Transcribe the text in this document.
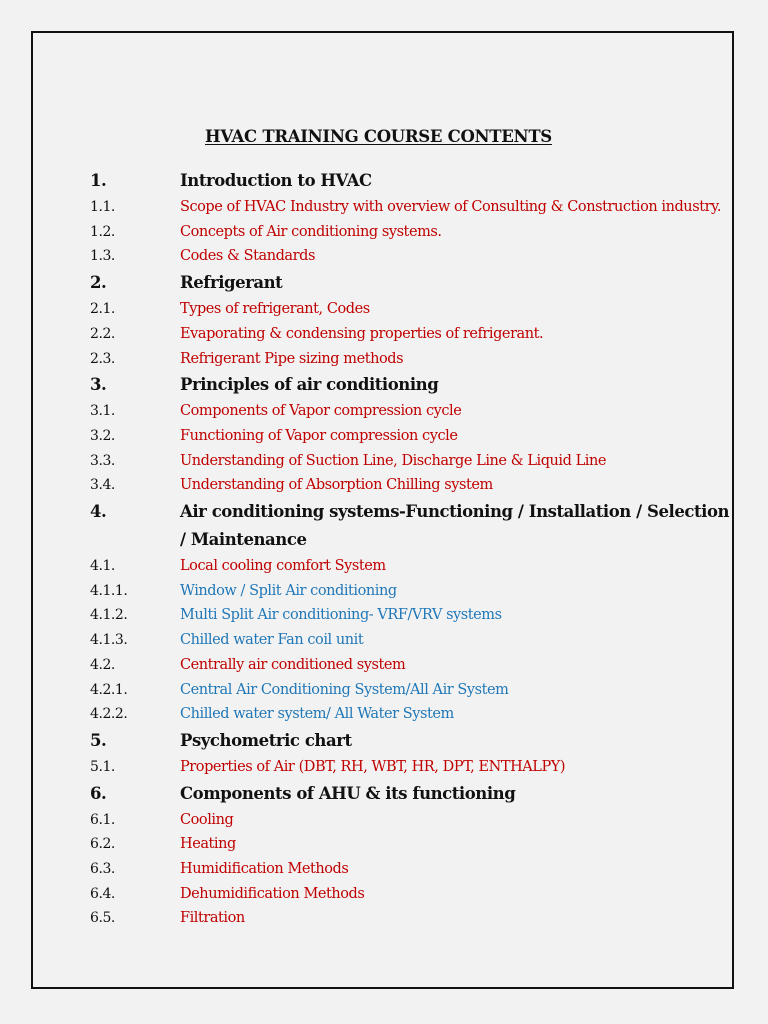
HVAC TRAINING COURSE CONTENTS
1.	Introduction to HVAC
1.1.	Scope of HVAC Industry with overview of Consulting & Construction industry.
1.2.	Concepts of Air conditioning systems.
1.3.	Codes & Standards
2.	Refrigerant
2.1.	Types of refrigerant, Codes
2.2.	Evaporating & condensing properties of refrigerant.
2.3.	Refrigerant Pipe sizing methods
3.	Principles of air conditioning
3.1.	Components of Vapor compression cycle
3.2.	Functioning of Vapor compression cycle
3.3.	Understanding of Suction Line, Discharge Line & Liquid Line
3.4.	Understanding of Absorption Chilling system
4.	Air conditioning systems-Functioning / Installation / Selection / Maintenance
4.1.	Local cooling comfort System
4.1.1.	Window / Split Air conditioning
4.1.2.	Multi Split Air conditioning- VRF/VRV systems
4.1.3.	Chilled water Fan coil unit
4.2.	Centrally air conditioned system
4.2.1.	Central Air Conditioning System/All Air System
4.2.2.	Chilled water system/ All Water System
5.	Psychometric chart
5.1.	Properties of Air (DBT, RH, WBT, HR, DPT, ENTHALPY)
6.	Components of AHU & its functioning
6.1.	Cooling
6.2.	Heating
6.3.	Humidification Methods
6.4.	Dehumidification Methods
6.5.	Filtration
